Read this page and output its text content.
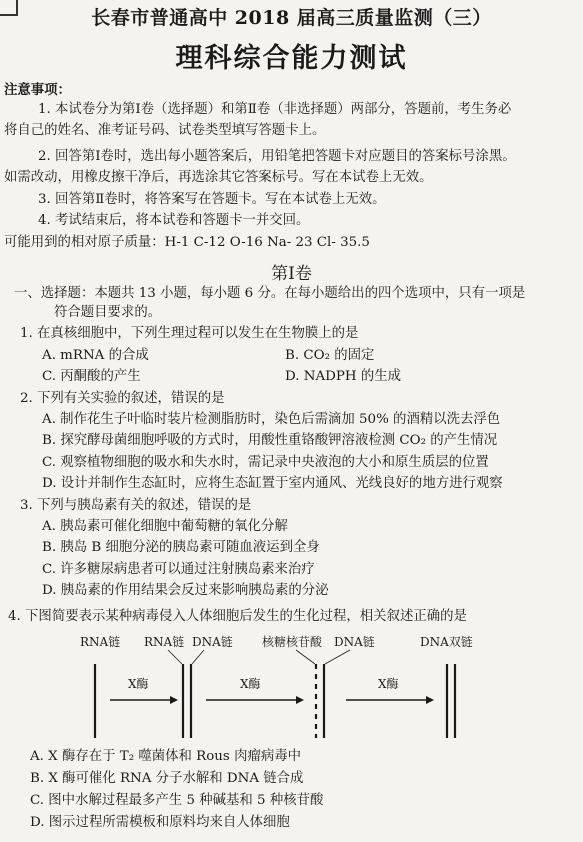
长春市普通高中 2018 届高三质量监测（三）
理科综合能力测试
注意事项：
1. 本试卷分为第Ⅰ卷（选择题）和第Ⅱ卷（非选择题）两部分，答题前，考生务必
将自己的姓名、准考证号码、试卷类型填写答题卡上。
2. 回答第Ⅰ卷时，选出每小题答案后，用铅笔把答题卡对应题目的答案标号涂黑。
如需改动，用橡皮擦干净后，再选涂其它答案标号。写在本试卷上无效。
3. 回答第Ⅱ卷时，将答案写在答题卡。写在本试卷上无效。
4. 考试结束后，将本试卷和答题卡一并交回。
可能用到的相对原子质量：H-1 C-12 O-16 Na- 23 Cl- 35.5
第Ⅰ卷
一、选择题：本题共 13 小题，每小题 6 分。在每小题给出的四个选项中，只有一项是
符合题目要求的。
1. 在真核细胞中，下列生理过程可以发生在生物膜上的是
A. mRNA 的合成	B. CO₂ 的固定
C. 丙酮酸的产生	D. NADPH 的生成
2. 下列有关实验的叙述，错误的是
A. 制作花生子叶临时装片检测脂肪时，染色后需滴加 50% 的酒精以洗去浮色
B. 探究酵母菌细胞呼吸的方式时，用酸性重铬酸钾溶液检测 CO₂ 的产生情况
C. 观察植物细胞的吸水和失水时，需记录中央液泡的大小和原生质层的位置
D. 设计并制作生态缸时，应将生态缸置于室内通风、光线良好的地方进行观察
3. 下列与胰岛素有关的叙述，错误的是
A. 胰岛素可催化细胞中葡萄糖的氧化分解
B. 胰岛 B 细胞分泌的胰岛素可随血液运到全身
C. 许多糖尿病患者可以通过注射胰岛素来治疗
D. 胰岛素的作用结果会反过来影响胰岛素的分泌
4. 下图简要表示某种病毒侵入人体细胞后发生的生化过程，相关叙述正确的是
RNA链 RNA链 DNA链 核糖核苷酸 DNA链	DNA双链
X酶	X酶	X酶
A. X 酶存在于 T₂ 噬菌体和 Rous 肉瘤病毒中
B. X 酶可催化 RNA 分子水解和 DNA 链合成
C. 图中水解过程最多产生 5 种碱基和 5 种核苷酸
D. 图示过程所需模板和原料均来自人体细胞
